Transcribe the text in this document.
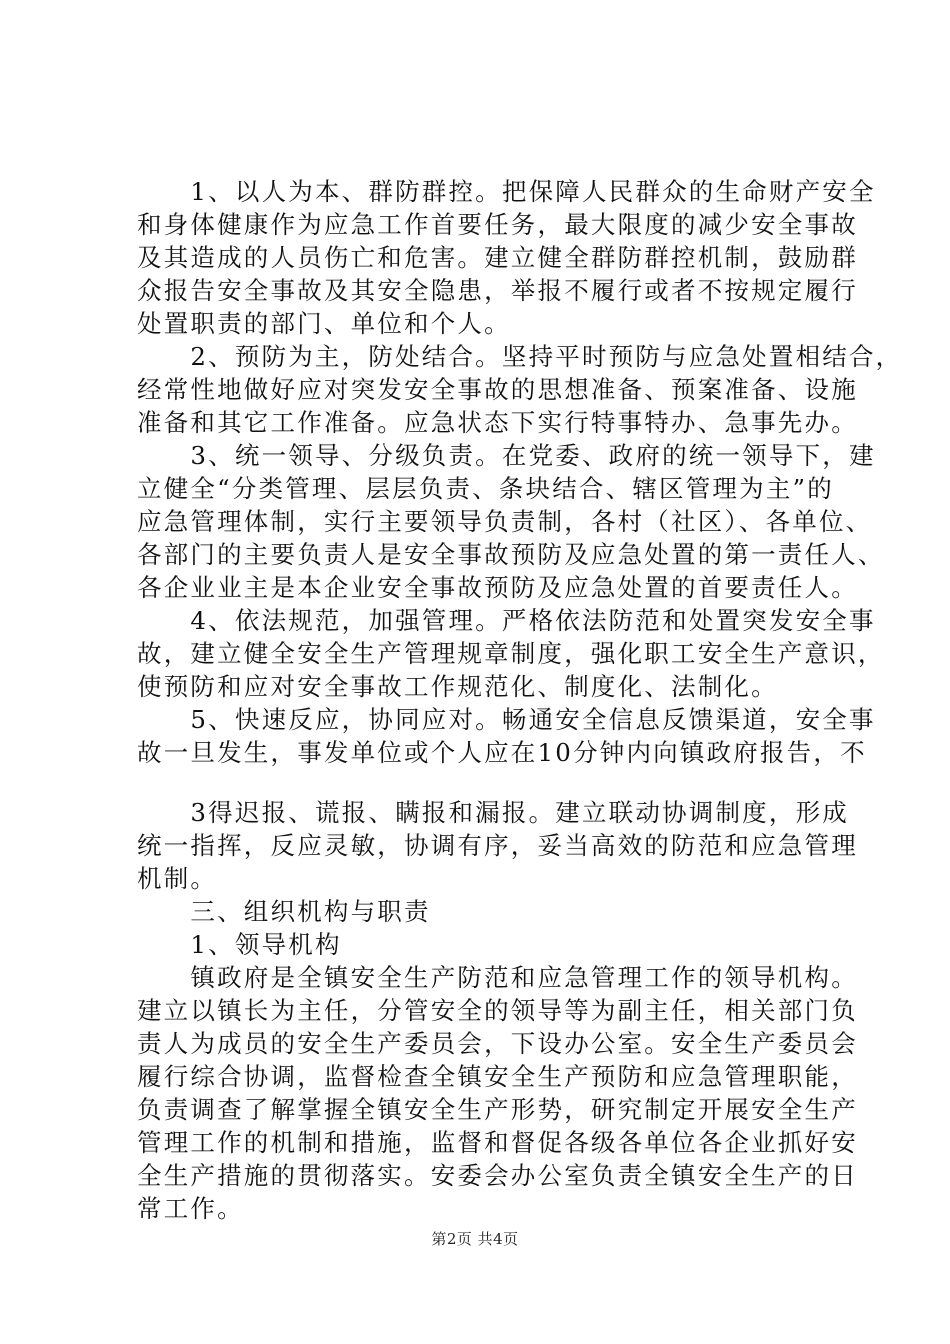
　　1、以人为本、群防群控。把保障人民群众的生命财产安全
和身体健康作为应急工作首要任务，最大限度的减少安全事故
及其造成的人员伤亡和危害。建立健全群防群控机制，鼓励群
众报告安全事故及其安全隐患，举报不履行或者不按规定履行
处置职责的部门、单位和个人。
　　2、预防为主，防处结合。坚持平时预防与应急处置相结合，
经常性地做好应对突发安全事故的思想准备、预案准备、设施
准备和其它工作准备。应急状态下实行特事特办、急事先办。
　　3、统一领导、分级负责。在党委、政府的统一领导下，建
立健全“分类管理、层层负责、条块结合、辖区管理为主”的
应急管理体制，实行主要领导负责制，各村（社区）、各单位、
各部门的主要负责人是安全事故预防及应急处置的第一责任人、
各企业业主是本企业安全事故预防及应急处置的首要责任人。
　　4、依法规范，加强管理。严格依法防范和处置突发安全事
故，建立健全安全生产管理规章制度，强化职工安全生产意识，
使预防和应对安全事故工作规范化、制度化、法制化。
　　5、快速反应，协同应对。畅通安全信息反馈渠道，安全事
故一旦发生，事发单位或个人应在10分钟内向镇政府报告，不
　　3得迟报、谎报、瞒报和漏报。建立联动协调制度，形成
统一指挥，反应灵敏，协调有序，妥当高效的防范和应急管理
机制。
　　三、组织机构与职责
　　1、领导机构
　　镇政府是全镇安全生产防范和应急管理工作的领导机构。
建立以镇长为主任，分管安全的领导等为副主任，相关部门负
责人为成员的安全生产委员会，下设办公室。安全生产委员会
履行综合协调，监督检查全镇安全生产预防和应急管理职能，
负责调查了解掌握全镇安全生产形势，研究制定开展安全生产
管理工作的机制和措施，监督和督促各级各单位各企业抓好安
全生产措施的贯彻落实。安委会办公室负责全镇安全生产的日
常工作。
第2页 共4页
